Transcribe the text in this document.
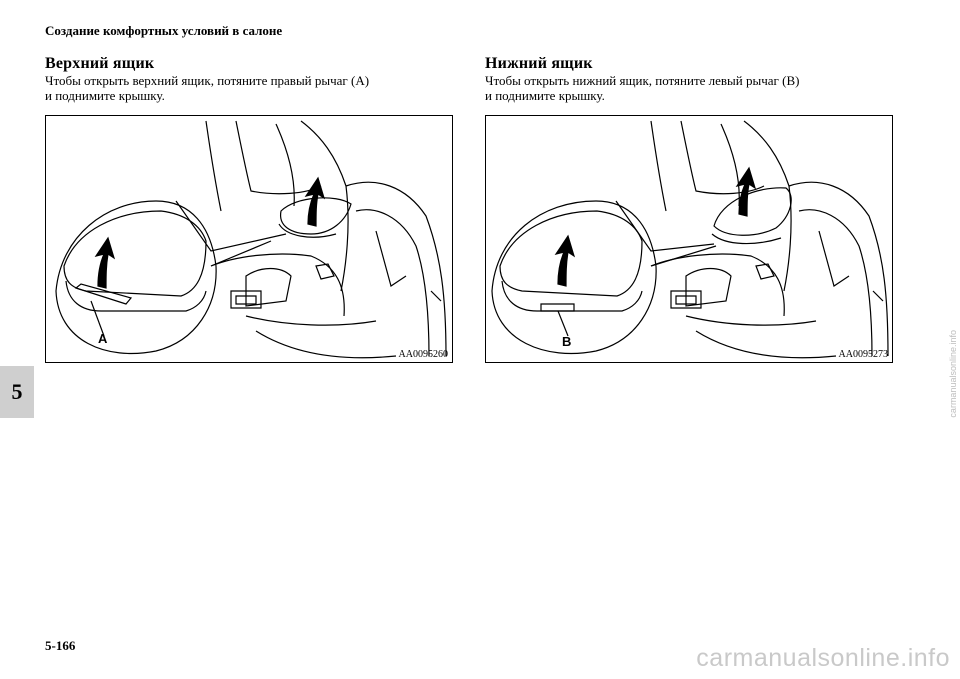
Создание комфортных условий в салоне
Верхний ящик
Чтобы открыть верхний ящик, потяните правый рычаг (A)
и поднимите крышку.
A
AA0095260
Нижний ящик
Чтобы открыть нижний ящик, потяните левый рычаг (B)
и поднимите крышку.
B
AA0095273
5
5-166	carmanualsonline.info
carmanualsonline.info
